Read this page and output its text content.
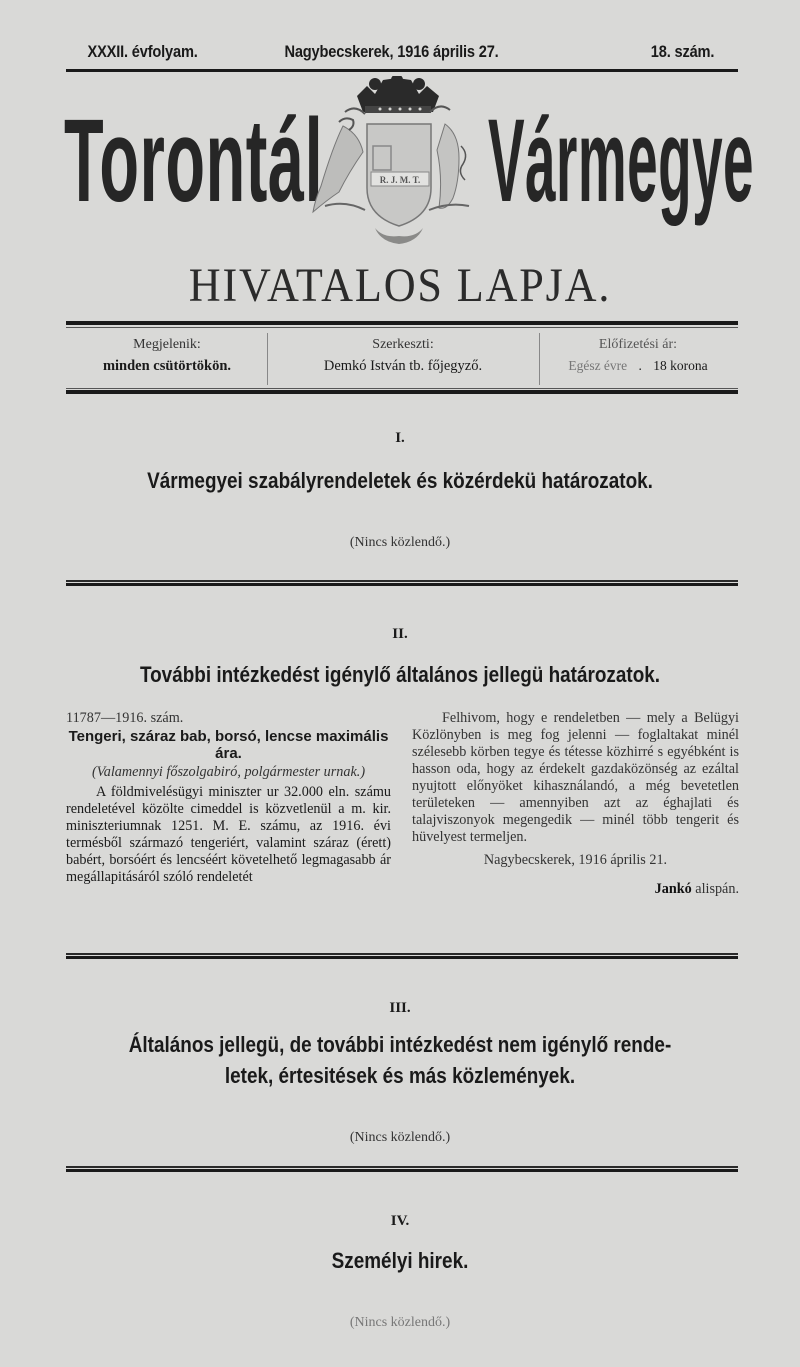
XXXII. évfolyam.	Nagybecskerek, 1916 április 27.	18. szám.
Torontál Vármegye
R. J. M. T.
HIVATALOS LAPJA.
Megjelenik:
minden csütörtökön.
Szerkeszti:
Demkó István tb. főjegyző.
Előfizetési ár:
Egész évre . 18 korona
I.
Vármegyei szabályrendeletek és közérdekü határozatok.
(Nincs közlendő.)
II.
További intézkedést igénylő általános jellegü határozatok.
11787—1916. szám.
Tengeri, száraz bab, borsó, lencse maximális ára.
(Valamennyi főszolgabiró, polgármester urnak.)
A földmivelésügyi miniszter ur 32.000 eln. számu rendeletével közölte cimeddel is közvetlenül a m. kir. miniszteriumnak 1251. M. E. számu, az 1916. évi termésből származó tengeriért, valamint száraz (érett) babért, borsóért és lencséért követelhető legmagasabb ár megállapitásáról szóló rendeletét
Felhivom, hogy e rendeletben — mely a Belügyi Közlönyben is meg fog jelenni — foglaltakat minél szélesebb körben tegye és tétesse közhirré s egyébként is hasson oda, hogy az érdekelt gazdaközönség az ezáltal nyujtott előnyöket kihasználandó, a még bevetetlen területeken — amennyiben azt az éghajlati és talajviszonyok megengedik — minél több tengerit és hüvelyest termeljen.
Nagybecskerek, 1916 április 21.
Jankó alispán.
III.
Általános jellegü, de további intézkedést nem igénylő rende-
letek, értesitések és más közlemények.
(Nincs közlendő.)
IV.
Személyi hirek.
(Nincs közlendő.)
